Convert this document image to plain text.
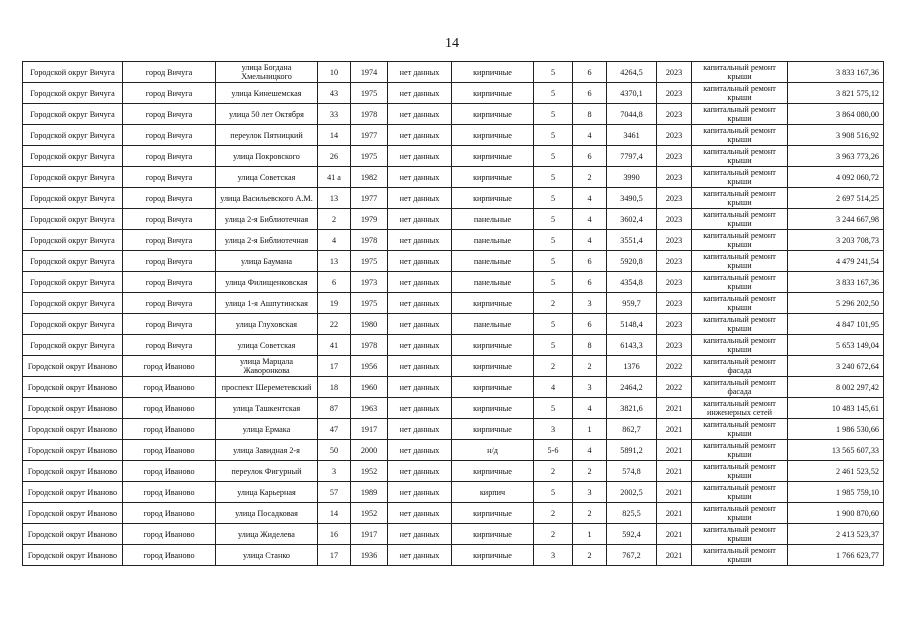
14
Городской округ Вичуга	город Вичуга	улица Богдана Хмельницкого	10	1974	нет данных	кирпичные	5	6	4264,5	2023	капитальный ремонт крыши	3 833 167,36
Городской округ Вичуга	город Вичуга	улица Кинешемская	43	1975	нет данных	кирпичные	5	6	4370,1	2023	капитальный ремонт крыши	3 821 575,12
Городской округ Вичуга	город Вичуга	улица 50 лет Октября	33	1978	нет данных	кирпичные	5	8	7044,8	2023	капитальный ремонт крыши	3 864 080,00
Городской округ Вичуга	город Вичуга	переулок Пятницкий	14	1977	нет данных	кирпичные	5	4	3461	2023	капитальный ремонт крыши	3 908 516,92
Городской округ Вичуга	город Вичуга	улица Покровского	26	1975	нет данных	кирпичные	5	6	7797,4	2023	капитальный ремонт крыши	3 963 773,26
Городской округ Вичуга	город Вичуга	улица Советская	41 а	1982	нет данных	кирпичные	5	2	3990	2023	капитальный ремонт крыши	4 092 060,72
Городской округ Вичуга	город Вичуга	улица Васильевского А.М.	13	1977	нет данных	кирпичные	5	4	3490,5	2023	капитальный ремонт крыши	2 697 514,25
Городской округ Вичуга	город Вичуга	улица 2-я Библиотечная	2	1979	нет данных	панельные	5	4	3602,4	2023	капитальный ремонт крыши	3 244 667,98
Городской округ Вичуга	город Вичуга	улица 2-я Библиотечная	4	1978	нет данных	панельные	5	4	3551,4	2023	капитальный ремонт крыши	3 203 708,73
Городской округ Вичуга	город Вичуга	улица Баумана	13	1975	нет данных	панельные	5	6	5920,8	2023	капитальный ремонт крыши	4 479 241,54
Городской округ Вичуга	город Вичуга	улица Филищенковская	6	1973	нет данных	панельные	5	6	4354,8	2023	капитальный ремонт крыши	3 833 167,36
Городской округ Вичуга	город Вичуга	улица 1-я Ашпутинская	19	1975	нет данных	кирпичные	2	3	959,7	2023	капитальный ремонт крыши	5 296 202,50
Городской округ Вичуга	город Вичуга	улица Глуховская	22	1980	нет данных	панельные	5	6	5148,4	2023	капитальный ремонт крыши	4 847 101,95
Городской округ Вичуга	город Вичуга	улица Советская	41	1978	нет данных	кирпичные	5	8	6143,3	2023	капитальный ремонт крыши	5 653 149,04
Городской округ Иваново	город Иваново	улица Марцала Жаворонкова	17	1956	нет данных	кирпичные	2	2	1376	2022	капитальный ремонт фасада	3 240 672,64
Городской округ Иваново	город Иваново	проспект Шереметевский	18	1960	нет данных	кирпичные	4	3	2464,2	2022	капитальный ремонт фасада	8 002 297,42
Городской округ Иваново	город Иваново	улица Ташкентская	87	1963	нет данных	кирпичные	5	4	3821,6	2021	капитальный ремонт инженерных сетей	10 483 145,61
Городской округ Иваново	город Иваново	улица Ермака	47	1917	нет данных	кирпичные	3	1	862,7	2021	капитальный ремонт крыши	1 986 530,66
Городской округ Иваново	город Иваново	улица Завидная 2-я	50	2000	нет данных	н/д	5-6	4	5891,2	2021	капитальный ремонт крыши	13 565 607,33
Городской округ Иваново	город Иваново	переулок Фигурный	3	1952	нет данных	кирпичные	2	2	574,8	2021	капитальный ремонт крыши	2 461 523,52
Городской округ Иваново	город Иваново	улица Карьерная	57	1989	нет данных	кирпич	5	3	2002,5	2021	капитальный ремонт крыши	1 985 759,10
Городской округ Иваново	город Иваново	улица Посадковая	14	1952	нет данных	кирпичные	2	2	825,5	2021	капитальный ремонт крыши	1 900 870,60
Городской округ Иваново	город Иваново	улица Жиделева	16	1917	нет данных	кирпичные	2	1	592,4	2021	капитальный ремонт крыши	2 413 523,37
Городской округ Иваново	город Иваново	улица Станко	17	1936	нет данных	кирпичные	3	2	767,2	2021	капитальный ремонт крыши	1 766 623,77
